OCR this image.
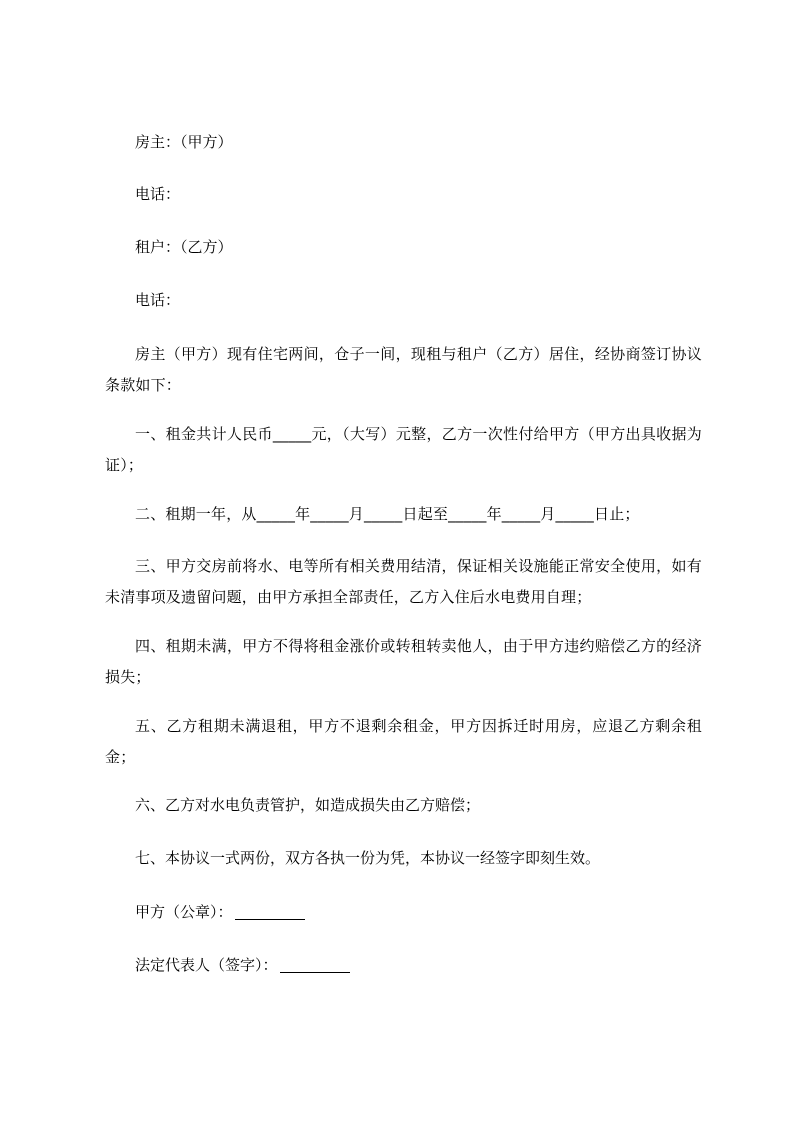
房主：（甲方）

电话：

租户：（乙方）

电话：

房主（甲方）现有住宅两间，仓子一间，现租与租户（乙方）居住，经协商签订协议条款如下：

一、租金共计人民币_____元，（大写）元整，乙方一次性付给甲方（甲方出具收据为证）；

二、租期一年，从_____年_____月_____日起至_____年_____月_____日止；

三、甲方交房前将水、电等所有相关费用结清，保证相关设施能正常安全使用，如有未清事项及遗留问题，由甲方承担全部责任，乙方入住后水电费用自理；

四、租期未满，甲方不得将租金涨价或转租转卖他人，由于甲方违约赔偿乙方的经济损失；

五、乙方租期未满退租，甲方不退剩余租金，甲方因拆迁时用房，应退乙方剩余租金；

六、乙方对水电负责管护，如造成损失由乙方赔偿；

七、本协议一式两份，双方各执一份为凭，本协议一经签字即刻生效。

甲方（公章）：

法定代表人（签字）：
